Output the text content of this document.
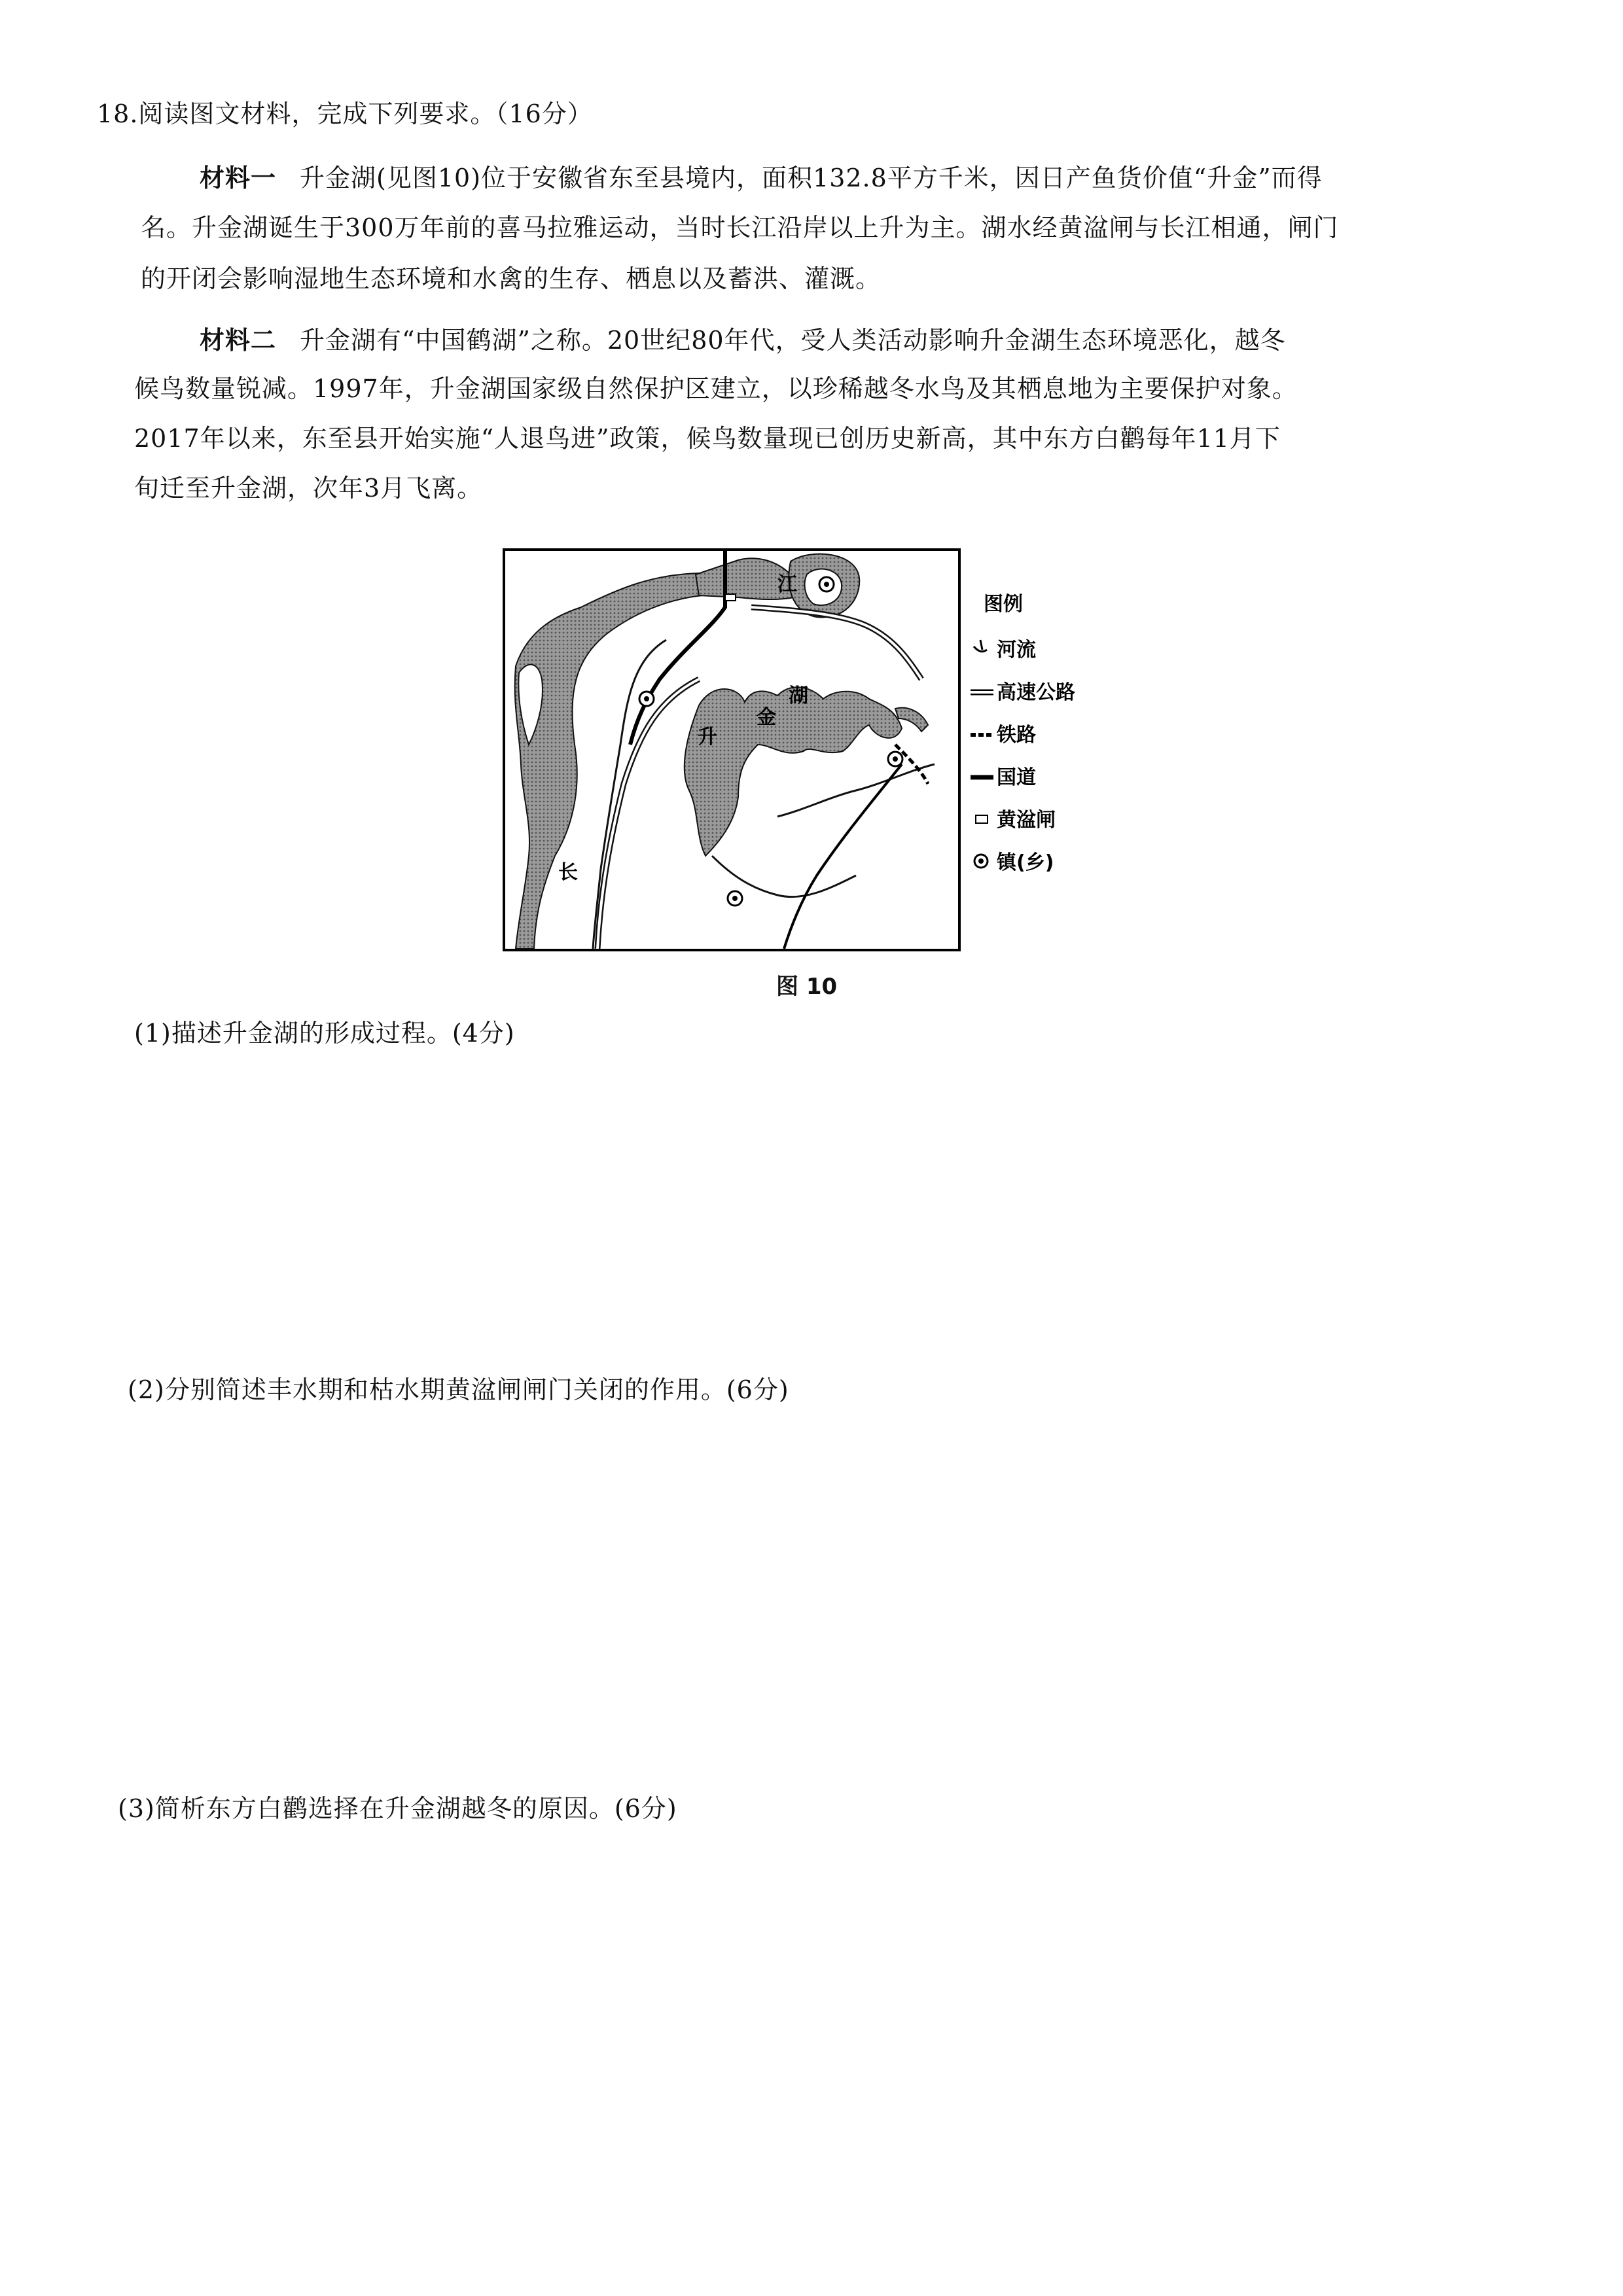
18.阅读图文材料，完成下列要求。（16分）
材料一 升金湖(见图10)位于安徽省东至县境内，面积132.8平方千米，因日产鱼货价值“升金”而得
名。升金湖诞生于300万年前的喜马拉雅运动，当时长江沿岸以上升为主。湖水经黄湓闸与长江相通，闸门
的开闭会影响湿地生态环境和水禽的生存、栖息以及蓄洪、灌溉。
材料二 升金湖有“中国鹤湖”之称。20世纪80年代，受人类活动影响升金湖生态环境恶化，越冬
候鸟数量锐减。1997年，升金湖国家级自然保护区建立，以珍稀越冬水鸟及其栖息地为主要保护对象。
2017年以来，东至县开始实施“人退鸟进”政策，候鸟数量现已创历史新高，其中东方白鹳每年11月下
旬迁至升金湖，次年3月飞离。
江
长
升
金
湖
图例
河流
高速公路
铁路
国道
黄湓闸
镇(乡)
图 10
(1)描述升金湖的形成过程。(4分)
(2)分别简述丰水期和枯水期黄湓闸闸门关闭的作用。(6分)
(3)简析东方白鹳选择在升金湖越冬的原因。(6分)
